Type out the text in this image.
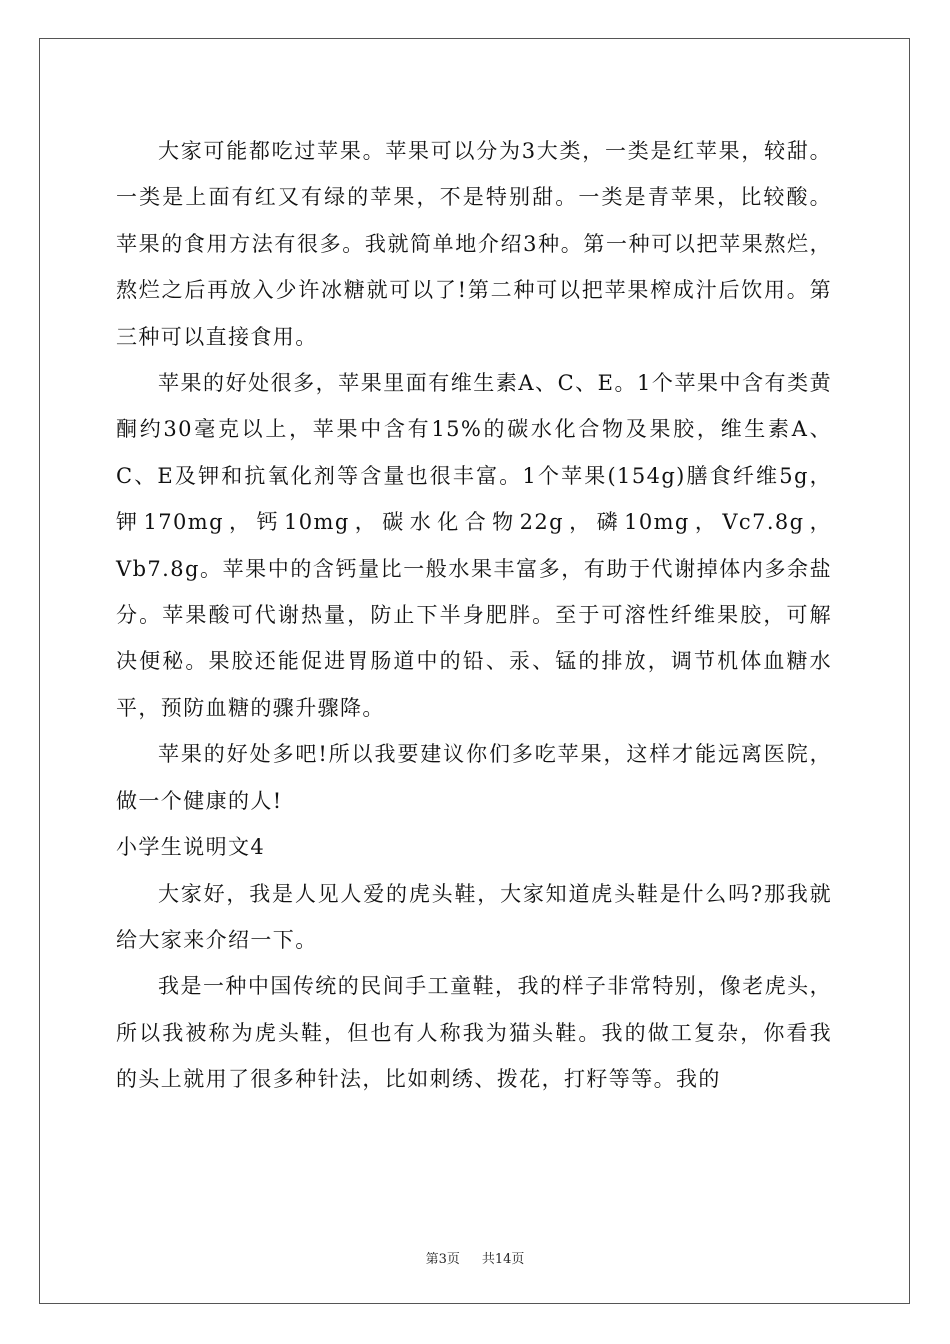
大家可能都吃过苹果。苹果可以分为3大类，一类是红苹果，较甜。一类是上面有红又有绿的苹果，不是特别甜。一类是青苹果，比较酸。苹果的食用方法有很多。我就简单地介绍3种。第一种可以把苹果熬烂，熬烂之后再放入少许冰糖就可以了!第二种可以把苹果榨成汁后饮用。第三种可以直接食用。

苹果的好处很多，苹果里面有维生素A、C、E。1个苹果中含有类黄酮约30毫克以上，苹果中含有15%的碳水化合物及果胶，维生素A、C、E及钾和抗氧化剂等含量也很丰富。1个苹果(154g)膳食纤维5g，钾170mg，钙10mg，碳水化合物22g，磷10mg，Vc7.8g，Vb7.8g。苹果中的含钙量比一般水果丰富多，有助于代谢掉体内多余盐分。苹果酸可代谢热量，防止下半身肥胖。至于可溶性纤维果胶，可解决便秘。果胶还能促进胃肠道中的铅、汞、锰的排放，调节机体血糖水平，预防血糖的骤升骤降。

苹果的好处多吧!所以我要建议你们多吃苹果，这样才能远离医院，做一个健康的人!

小学生说明文4

大家好，我是人见人爱的虎头鞋，大家知道虎头鞋是什么吗?那我就给大家来介绍一下。

我是一种中国传统的民间手工童鞋，我的样子非常特别，像老虎头，所以我被称为虎头鞋，但也有人称我为猫头鞋。我的做工复杂，你看我的头上就用了很多种针法，比如刺绣、拨花，打籽等等。我的

第3页 共14页
